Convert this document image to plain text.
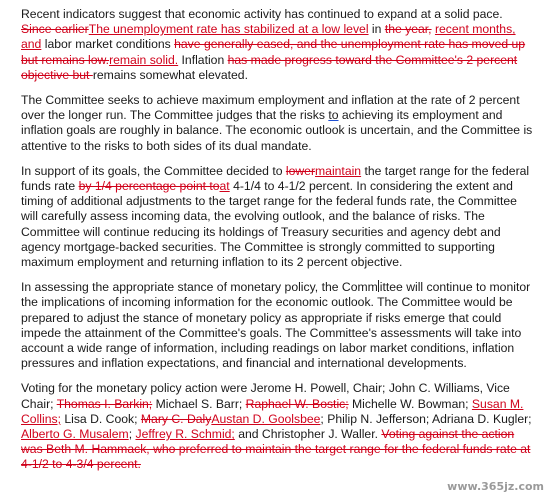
Recent indicators suggest that economic activity has continued to expand at a solid pace. Since earlierThe unemployment rate has stabilized at a low level in the year, recent months, and labor market conditions have generally eased, and the unemployment rate has moved up but remains low.remain solid. Inflation has made progress toward the Committee's 2 percent objective but remains somewhat elevated.

The Committee seeks to achieve maximum employment and inflation at the rate of 2 percent over the longer run. The Committee judges that the risks to achieving its employment and inflation goals are roughly in balance. The economic outlook is uncertain, and the Committee is attentive to the risks to both sides of its dual mandate.

In support of its goals, the Committee decided to lowermaintain the target range for the federal funds rate by 1/4 percentage point toat 4-1/4 to 4-1/2 percent. In considering the extent and timing of additional adjustments to the target range for the federal funds rate, the Committee will carefully assess incoming data, the evolving outlook, and the balance of risks. The Committee will continue reducing its holdings of Treasury securities and agency debt and agency mortgage-backed securities. The Committee is strongly committed to supporting maximum employment and returning inflation to its 2 percent objective.

In assessing the appropriate stance of monetary policy, the Comm ittee will continue to monitor the implications of incoming information for the economic outlook. The Committee would be prepared to adjust the stance of monetary policy as appropriate if risks emerge that could impede the attainment of the Committee's goals. The Committee's assessments will take into account a wide range of information, including readings on labor market conditions, inflation pressures and inflation expectations, and financial and international developments.

Voting for the monetary policy action were Jerome H. Powell, Chair; John C. Williams, Vice Chair; Thomas I. Barkin; Michael S. Barr; Raphael W. Bostic; Michelle W. Bowman; Susan M. Collins; Lisa D. Cook; Mary C. DalyAustan D. Goolsbee; Philip N. Jefferson; Adriana D. Kugler; Alberto G. Musalem; Jeffrey R. Schmid; and Christopher J. Waller. Voting against the action was Beth M. Hammack, who preferred to maintain the target range for the federal funds rate at 4-1/2 to 4-3/4 percent.

www.365jz.com
